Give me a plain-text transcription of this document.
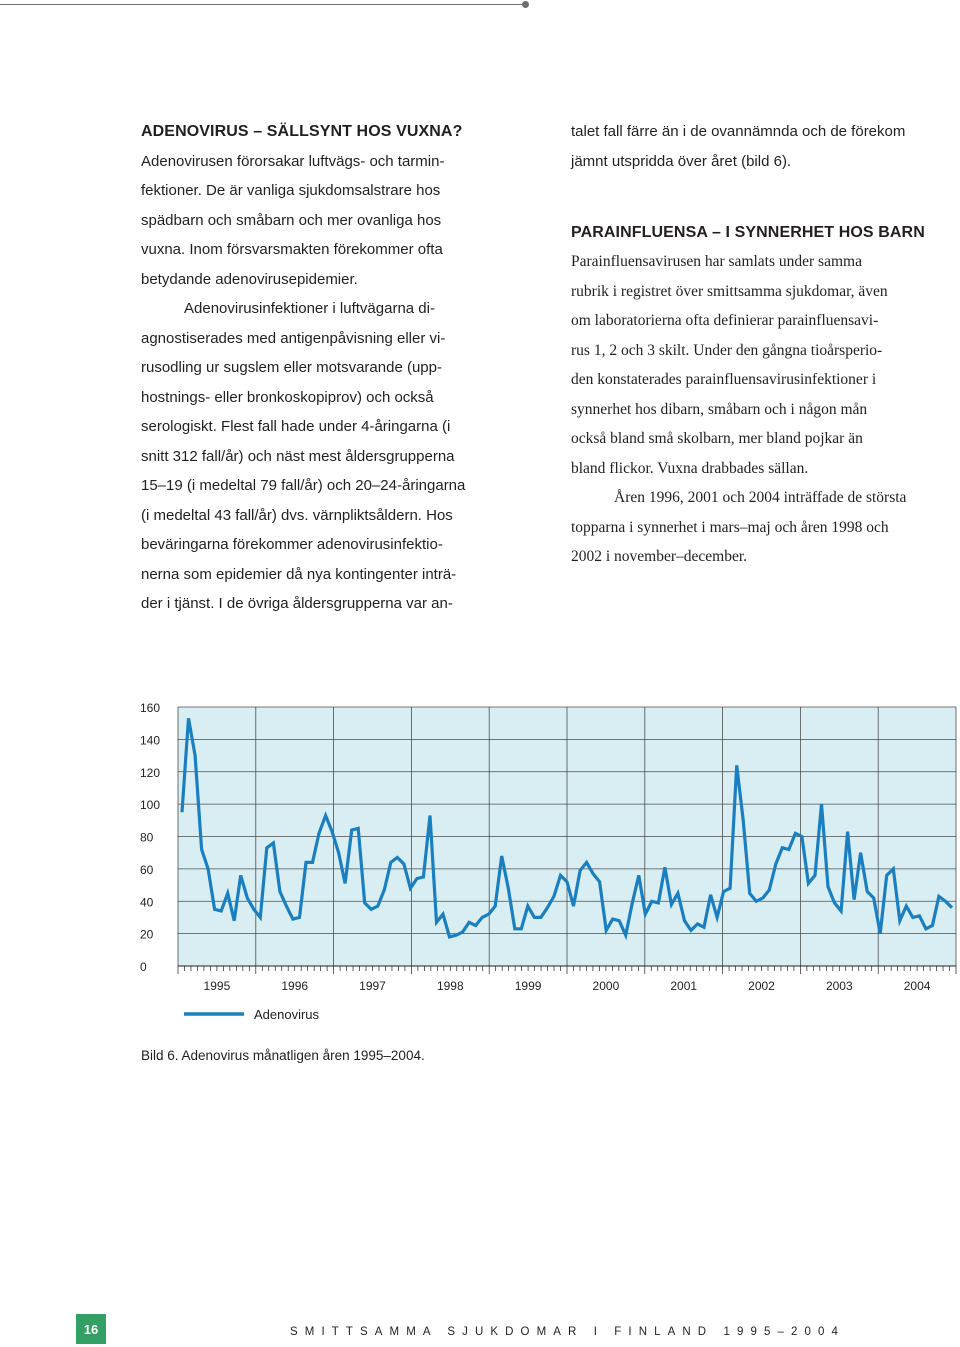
ADENOVIRUS – SÄLLSYNT HOS VUXNA?
Adenovirusen förorsakar luftvägs- och tarmin-
fektioner. De är vanliga sjukdomsalstrare hos
spädbarn och småbarn och mer ovanliga hos
vuxna. Inom försvarsmakten förekommer ofta
betydande adenovirusepidemier.
Adenovirusinfektioner i luftvägarna di-
agnostiserades med antigenpåvisning eller vi-
rusodling ur sugslem eller motsvarande (upp-
hostnings- eller bronkoskopiprov) och också
serologiskt. Flest fall hade under 4-åringarna (i
snitt 312 fall/år) och näst mest åldersgrupperna
15–19 (i medeltal 79 fall/år) och 20–24-åringarna
(i medeltal 43 fall/år) dvs. värnpliktsåldern. Hos
beväringarna förekommer adenovirusinfektio-
nerna som epidemier då nya kontingenter inträ-
der i tjänst. I de övriga åldersgrupperna var an-
talet fall färre än i de ovannämnda och de förekom
jämnt utspridda över året (bild 6).
PARAINFLUENSA – I SYNNERHET HOS BARN
Parainfluensavirusen har samlats under samma
rubrik i registret över smittsamma sjukdomar, även
om laboratorierna ofta definierar parainfluensavi-
rus 1, 2 och 3 skilt. Under den gångna tioårsperio-
den konstaterades parainfluensavirusinfektioner i
synnerhet hos dibarn, småbarn och i någon mån
också bland små skolbarn, mer bland pojkar än
bland flickor. Vuxna drabbades sällan.
Åren 1996, 2001 och 2004 inträffade de största
topparna i synnerhet i mars–maj och åren 1998 och
2002 i november–december.
0
20
40
60
80
100
120
140
160
1995	1996	1997	1998	1999	2000	2001	2002	2003	2004
Adenovirus
Bild 6. Adenovirus månatligen åren 1995–2004.
16	SMITTSAMMA SJUKDOMAR I FINLAND 1995–2004
